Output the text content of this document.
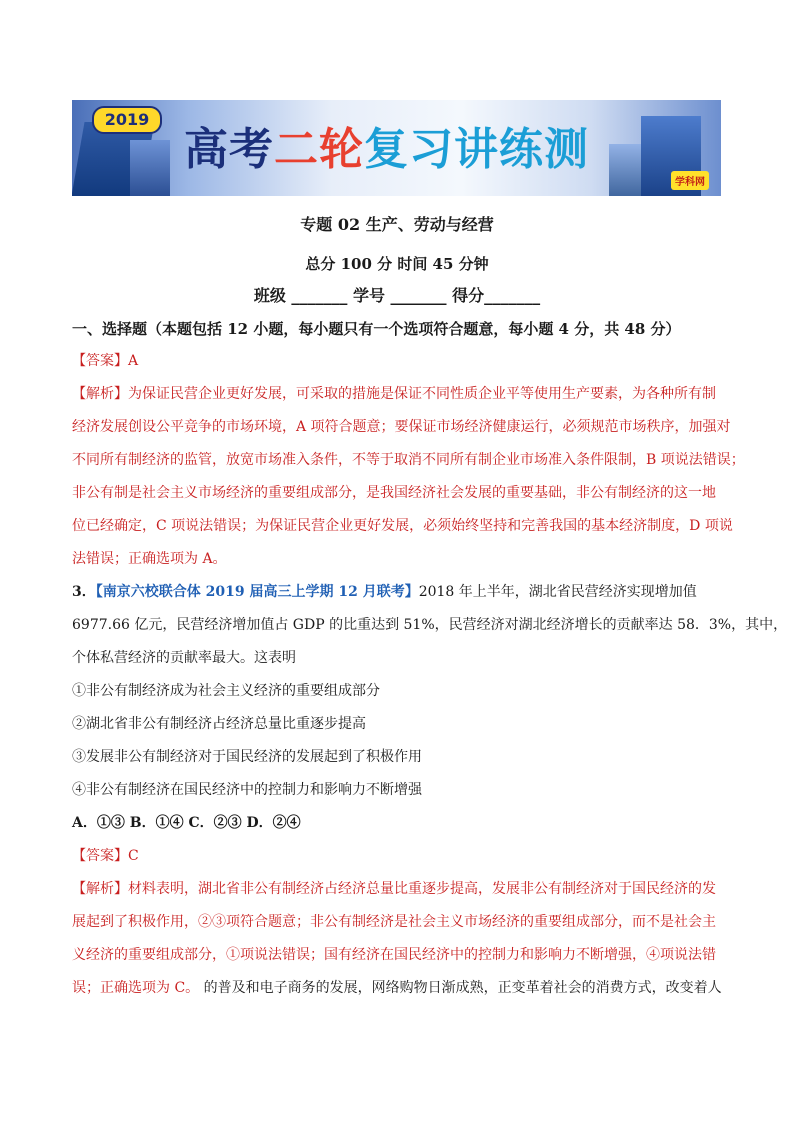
2019
高考二轮复习讲练测
学科网
专题 02 生产、劳动与经营
总分 100 分 时间 45 分钟
班级 _______ 学号 _______ 得分_______
一、选择题（本题包括 12 小题，每小题只有一个选项符合题意，每小题 4 分，共 48 分）
【答案】A
【解析】为保证民营企业更好发展，可采取的措施是保证不同性质企业平等使用生产要素，为各种所有制
经济发展创设公平竞争的市场环境，A 项符合题意；要保证市场经济健康运行，必须规范市场秩序，加强对
不同所有制经济的监管，放宽市场准入条件，不等于取消不同所有制企业市场准入条件限制，B 项说法错误；
非公有制是社会主义市场经济的重要组成部分，是我国经济社会发展的重要基础，非公有制经济的这一地
位已经确定，C 项说法错误；为保证民营企业更好发展，必须始终坚持和完善我国的基本经济制度，D 项说
法错误；正确选项为 A。
3．【南京六校联合体 2019 届高三上学期 12 月联考】2018 年上半年，湖北省民营经济实现增加值
6977.66 亿元，民营经济增加值占 GDP 的比重达到 51%，民营经济对湖北经济增长的贡献率达 58．3%，其中，
个体私营经济的贡献率最大。这表明
①非公有制经济成为社会主义经济的重要组成部分
②湖北省非公有制经济占经济总量比重逐步提高
③发展非公有制经济对于国民经济的发展起到了积极作用
④非公有制经济在国民经济中的控制力和影响力不断增强
A．①③ B．①④ C．②③ D．②④
【答案】C
【解析】材料表明，湖北省非公有制经济占经济总量比重逐步提高，发展非公有制经济对于国民经济的发
展起到了积极作用，②③项符合题意；非公有制经济是社会主义市场经济的重要组成部分，而不是社会主
义经济的重要组成部分，①项说法错误；国有经济在国民经济中的控制力和影响力不断增强，④项说法错
误；正确选项为 C。 的普及和电子商务的发展，网络购物日渐成熟，正变革着社会的消费方式，改变着人
